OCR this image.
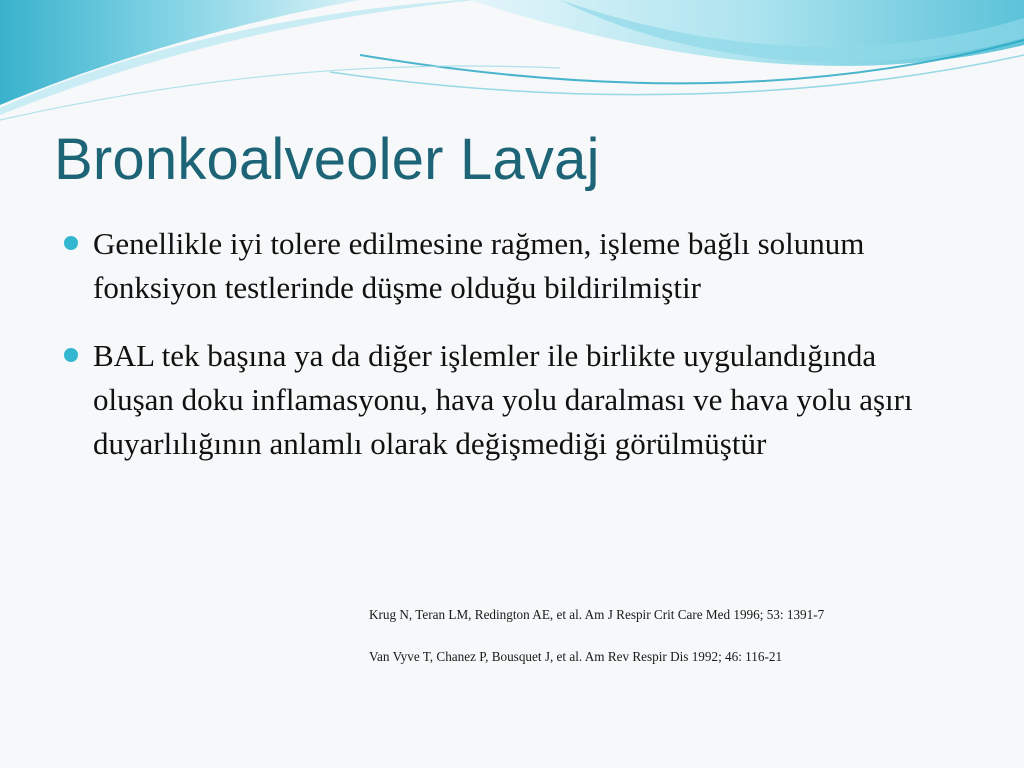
Bronkoalveoler Lavaj
Genellikle iyi tolere edilmesine rağmen, işleme bağlı solunum fonksiyon testlerinde düşme olduğu bildirilmiştir
BAL tek başına ya da diğer işlemler ile birlikte uygulandığında oluşan doku inflamasyonu, hava yolu daralması ve hava yolu aşırı duyarlılığının anlamlı olarak değişmediği görülmüştür

Krug N, Teran LM, Redington AE, et al. Am J Respir Crit Care Med 1996; 53: 1391-7

Van Vyve T, Chanez P, Bousquet J, et al. Am Rev Respir Dis 1992; 46: 116-21
